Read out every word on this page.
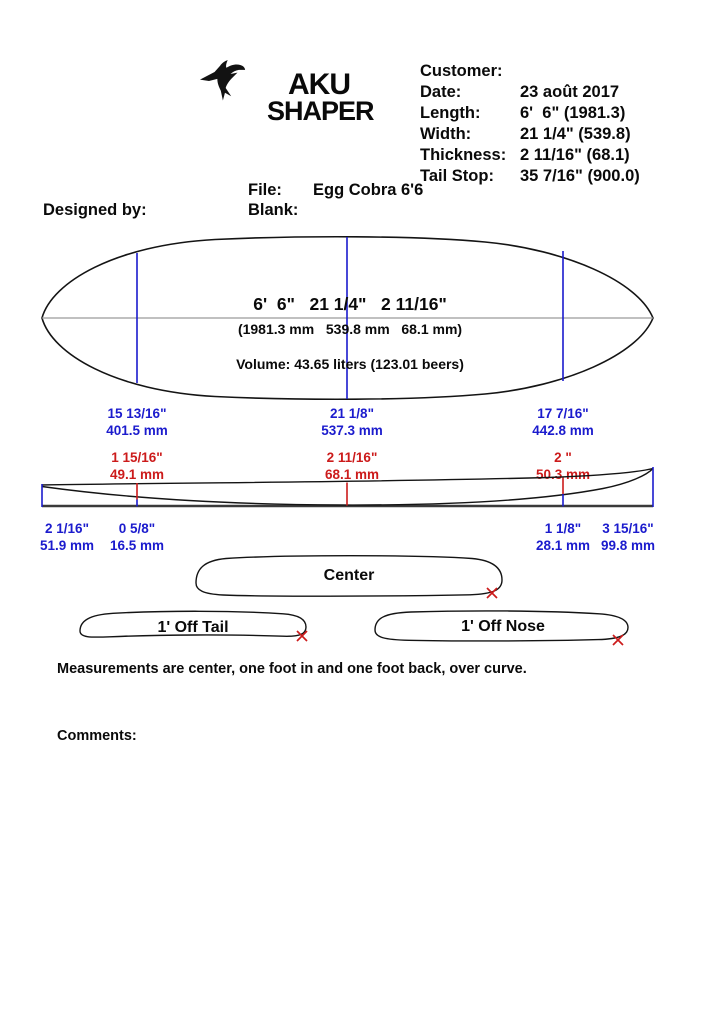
AKU
SHAPER
Customer:
Date:	23 août 2017
Length: 6'  6" (1981.3)
Width:	21 1/4" (539.8)
Thickness: 2 11/16" (68.1)
Tail Stop: 35 7/16" (900.0)
File: Egg Cobra 6'6
Designed by:	Blank:
6'  6"   21 1/4"   2 11/16"
(1981.3 mm   539.8 mm   68.1 mm)
Volume: 43.65 liters (123.01 beers)
15 13/16"
401.5 mm
21 1/8"
537.3 mm
17 7/16"
442.8 mm
1 15/16"
49.1 mm
2 11/16"
68.1 mm
2 "
50.3 mm
2 1/16"
51.9 mm
0 5/8"
16.5 mm
1 1/8"
28.1 mm
3 15/16"
99.8 mm
Center
1' Off Tail	1' Off Nose
Measurements are center, one foot in and one foot back, over curve.
Comments:
